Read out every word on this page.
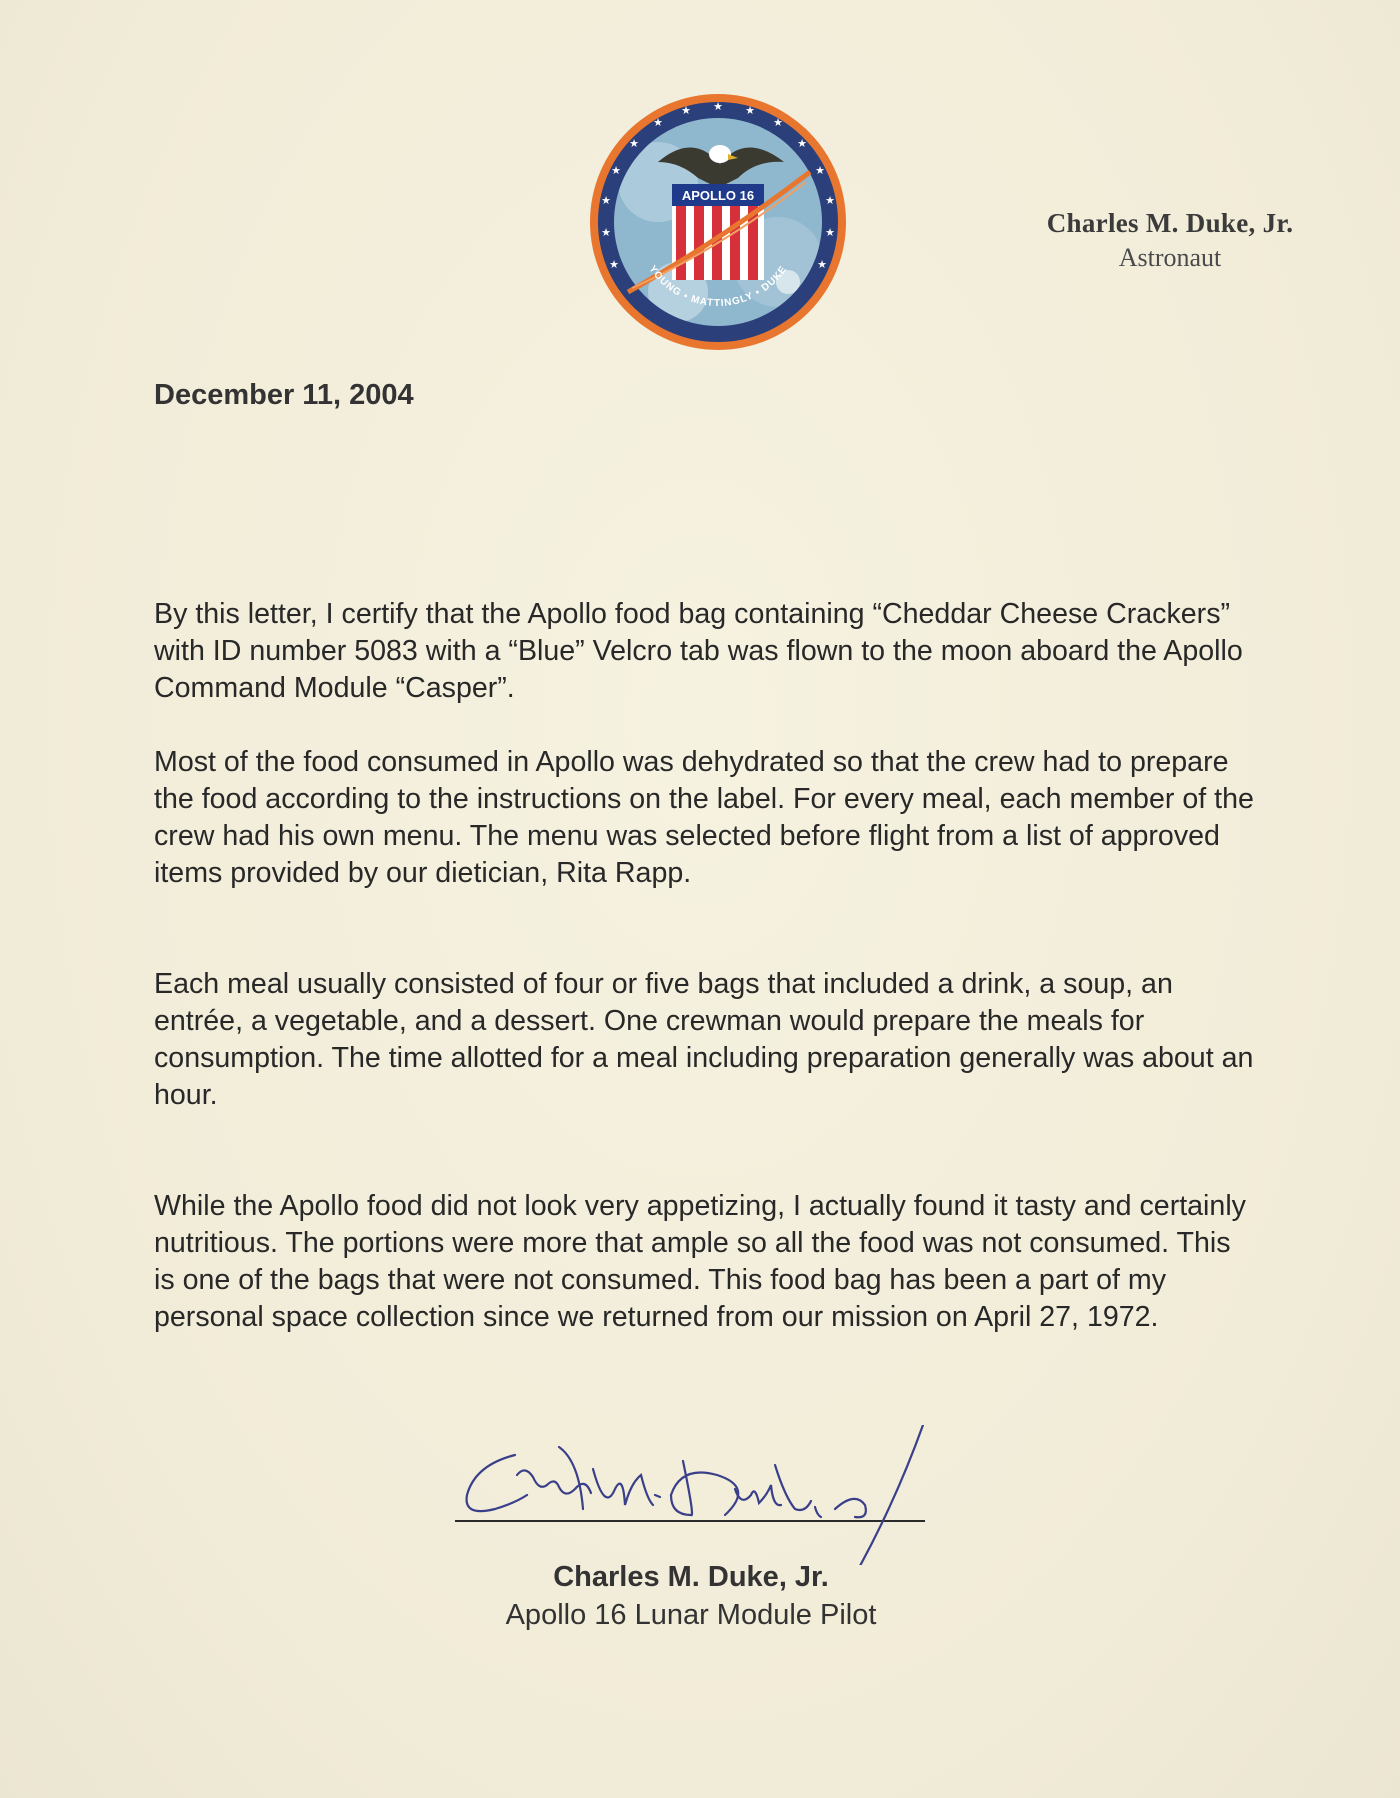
★
★	★
★	★
★	★
★	★
★	★
★	★
★	★
APOLLO 16
YOUNG • MATTINGLY • DUKE
Charles M. Duke, Jr.
Astronaut
December 11, 2004

By this letter, I certify that the Apollo food bag containing “Cheddar Cheese Crackers” with ID number 5083 with a “Blue” Velcro tab was flown to the moon aboard the Apollo Command Module “Casper”.

Most of the food consumed in Apollo was dehydrated so that the crew had to prepare the food according to the instructions on the label. For every meal, each member of the crew had his own menu. The menu was selected before flight from a list of approved items provided by our dietician, Rita Rapp.

Each meal usually consisted of four or five bags that included a drink, a soup, an entrée, a vegetable, and a dessert. One crewman would prepare the meals for consumption. The time allotted for a meal including preparation generally was about an hour.

While the Apollo food did not look very appetizing, I actually found it tasty and certainly nutritious. The portions were more that ample so all the food was not consumed. This is one of the bags that were not consumed. This food bag has been a part of my personal space collection since we returned from our mission on April 27, 1972.

Charles M. Duke, Jr.
Apollo 16 Lunar Module Pilot
